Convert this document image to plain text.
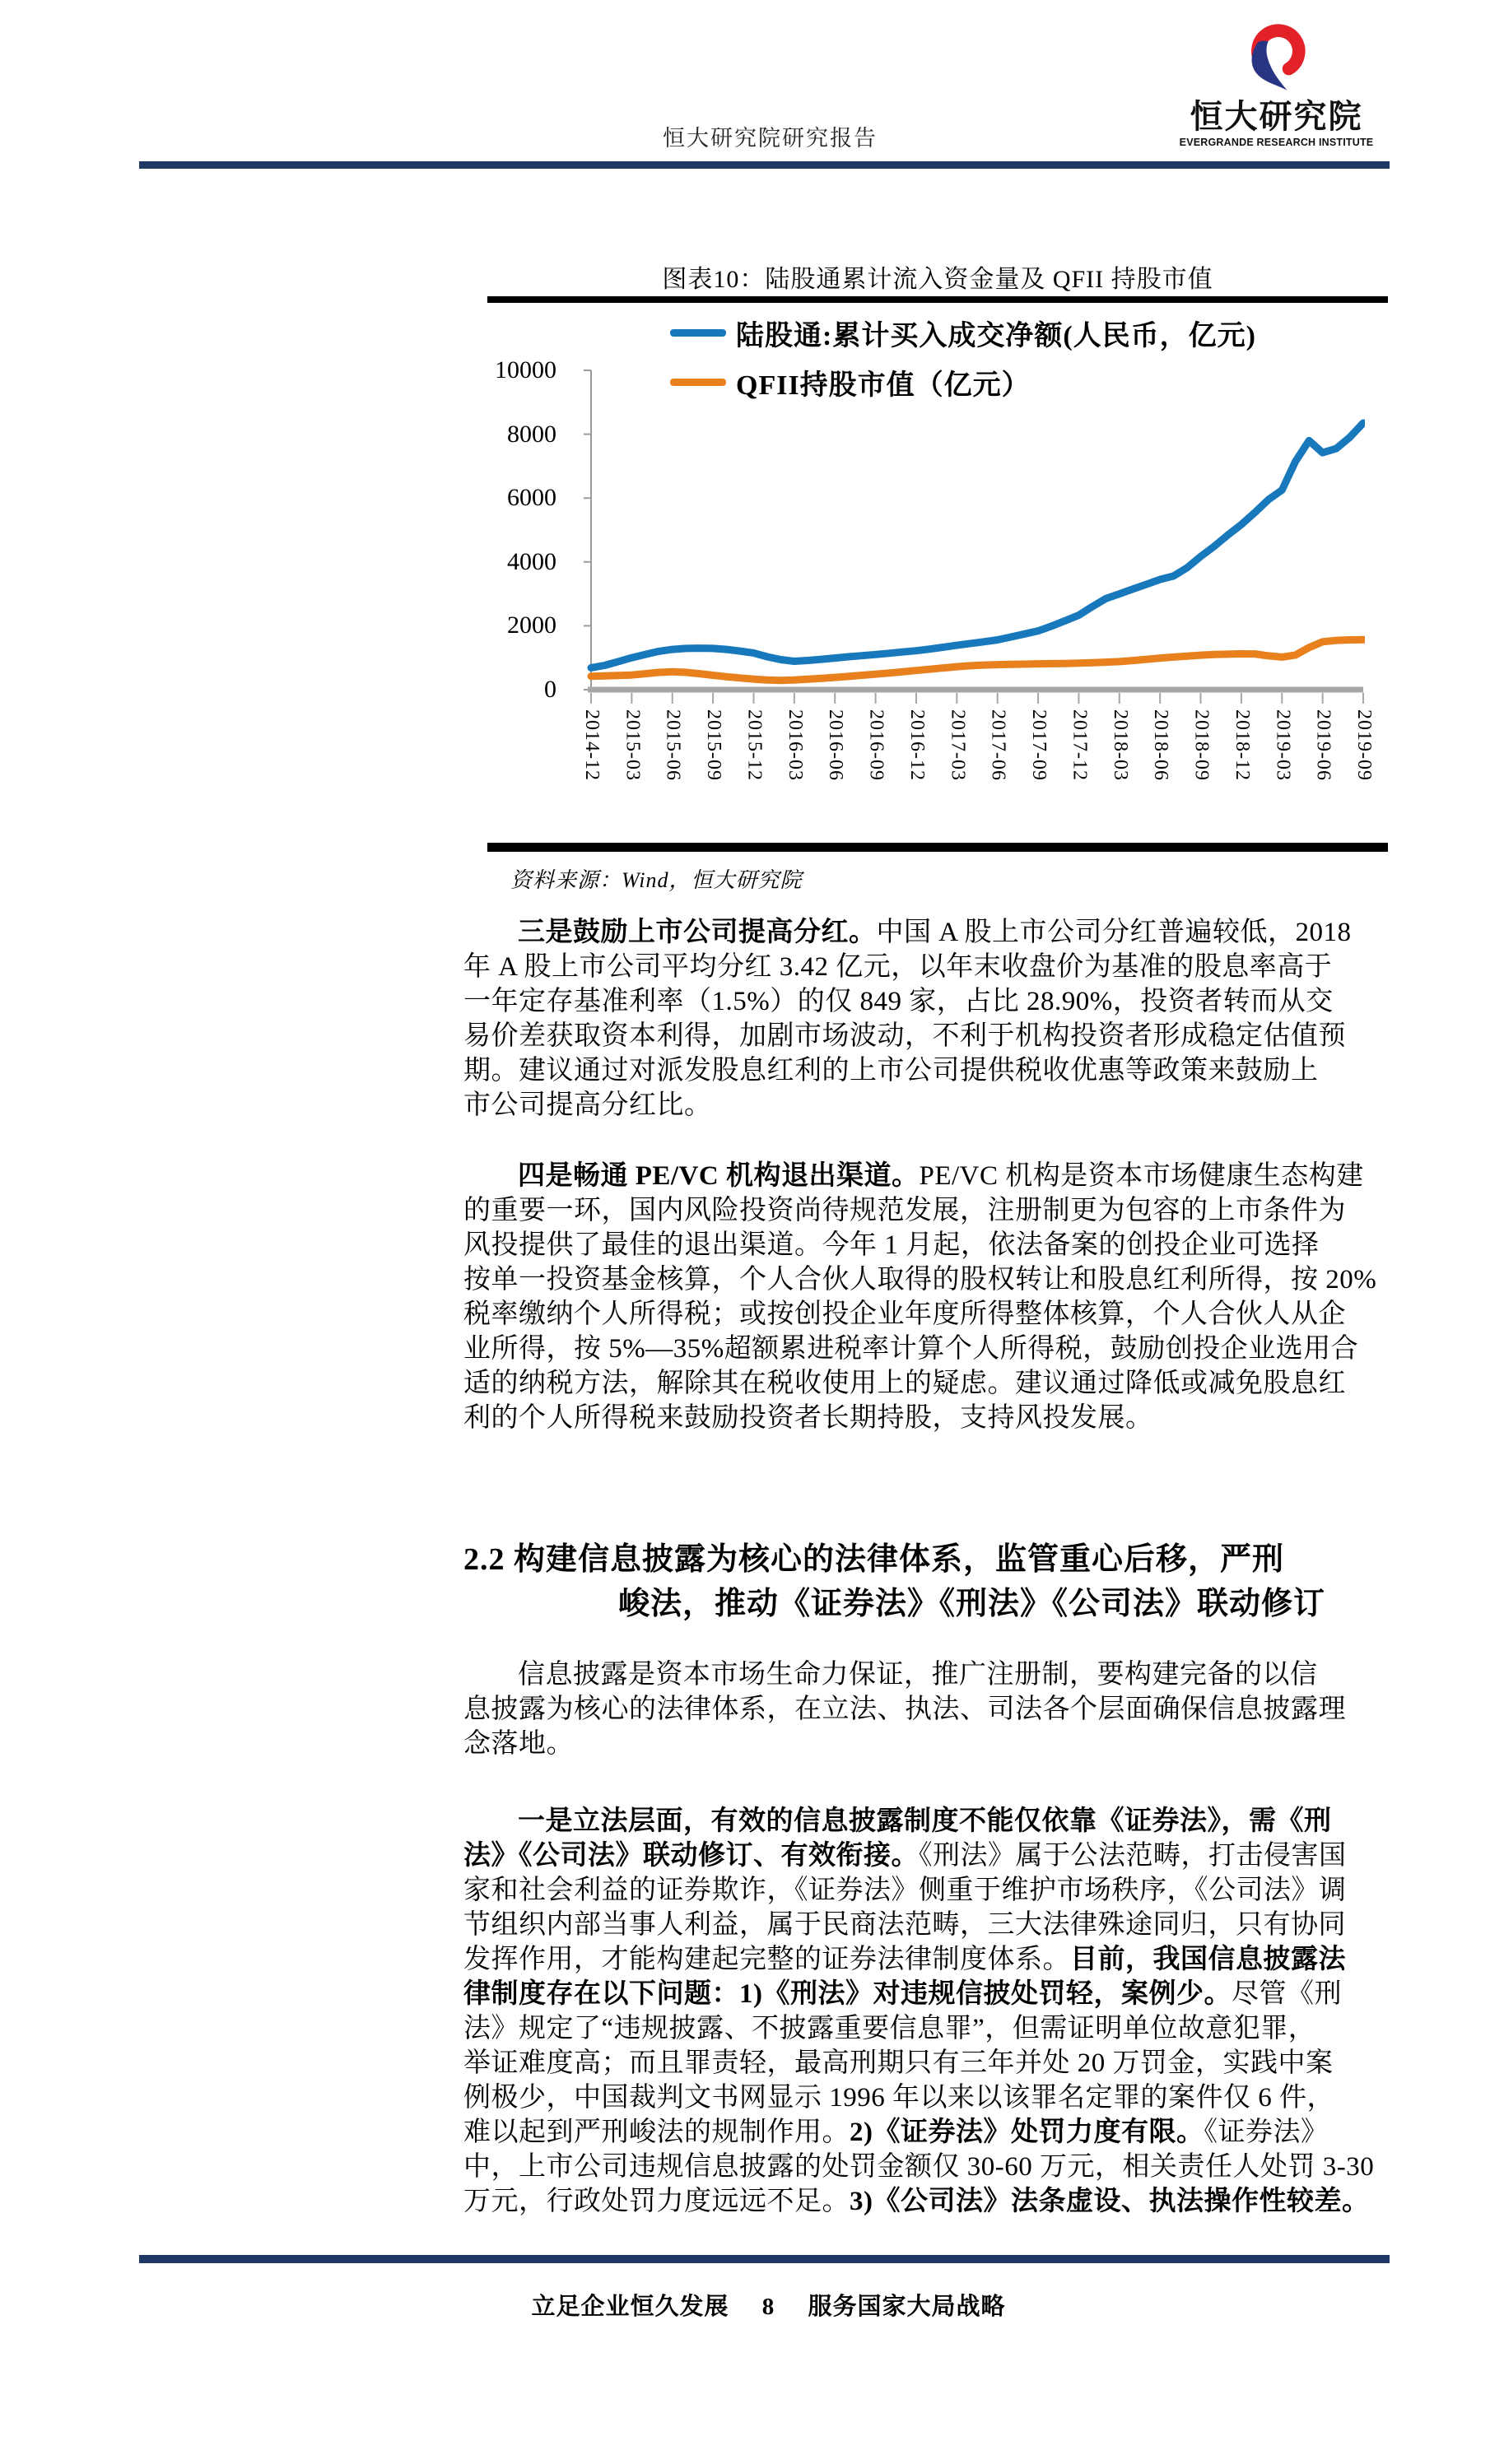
恒大研究院研究报告
恒大研究院
EVERGRANDE RESEARCH INSTITUTE
图表10：陆股通累计流入资金量及 QFII 持股市值
陆股通:累计买入成交净额(人民币，亿元)
QFII持股市值（亿元）
0
2000
4000
6000
8000
10000
2014-12 2015-03 2015-06 2015-09 2015-12 2016-03 2016-06 2016-09 2016-12 2017-03 2017-06 2017-09 2017-12 2018-03 2018-06 2018-09 2018-12 2019-03 2019-06 2019-09
资料来源：Wind，恒大研究院
三是鼓励上市公司提高分红。中国 A 股上市公司分红普遍较低，2018
年 A 股上市公司平均分红 3.42 亿元，以年末收盘价为基准的股息率高于
一年定存基准利率（1.5%）的仅 849 家，占比 28.90%，投资者转而从交
易价差获取资本利得，加剧市场波动，不利于机构投资者形成稳定估值预
期。建议通过对派发股息红利的上市公司提供税收优惠等政策来鼓励上
市公司提高分红比。
四是畅通 PE/VC 机构退出渠道。PE/VC 机构是资本市场健康生态构建
的重要一环，国内风险投资尚待规范发展，注册制更为包容的上市条件为
风投提供了最佳的退出渠道。今年 1 月起，依法备案的创投企业可选择
按单一投资基金核算，个人合伙人取得的股权转让和股息红利所得，按 20%
税率缴纳个人所得税；或按创投企业年度所得整体核算，个人合伙人从企
业所得，按 5%—35%超额累进税率计算个人所得税，鼓励创投企业选用合
适的纳税方法，解除其在税收使用上的疑虑。建议通过降低或减免股息红
利的个人所得税来鼓励投资者长期持股，支持风投发展。
2.2 构建信息披露为核心的法律体系，监管重心后移，严刑
峻法，推动《证券法》《刑法》《公司法》联动修订
信息披露是资本市场生命力保证，推广注册制，要构建完备的以信
息披露为核心的法律体系，在立法、执法、司法各个层面确保信息披露理
念落地。
一是立法层面，有效的信息披露制度不能仅依靠《证券法》，需《刑
法》《公司法》联动修订、有效衔接。《刑法》属于公法范畴，打击侵害国
家和社会利益的证券欺诈，《证券法》侧重于维护市场秩序，《公司法》调
节组织内部当事人利益，属于民商法范畴，三大法律殊途同归，只有协同
发挥作用，才能构建起完整的证券法律制度体系。目前，我国信息披露法
律制度存在以下问题：1)《刑法》对违规信披处罚轻，案例少。尽管《刑
法》规定了“违规披露、不披露重要信息罪”，但需证明单位故意犯罪，
举证难度高；而且罪责轻，最高刑期只有三年并处 20 万罚金，实践中案
例极少，中国裁判文书网显示 1996 年以来以该罪名定罪的案件仅 6 件，
难以起到严刑峻法的规制作用。2)《证券法》处罚力度有限。《证券法》
中，上市公司违规信息披露的处罚金额仅 30-60 万元，相关责任人处罚 3-30
万元，行政处罚力度远远不足。3)《公司法》法条虚设、执法操作性较差。
立足企业恒久发展 8 服务国家大局战略
